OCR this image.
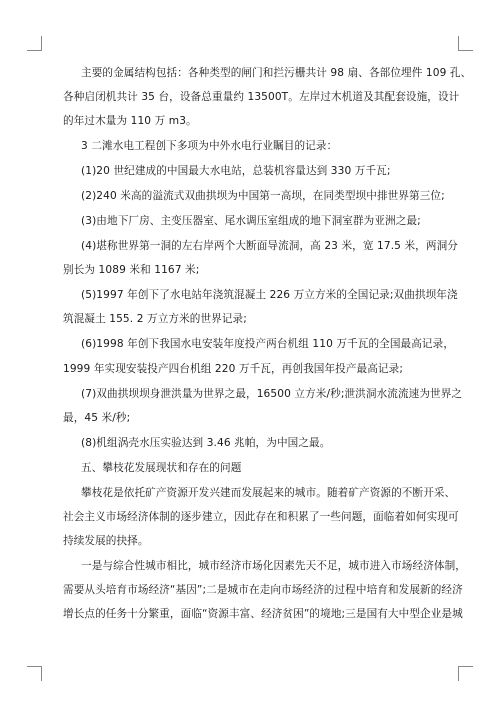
主要的金属结构包括：各种类型的闸门和拦污栅共计 98 扇、各部位埋件 109 孔、
各种启闭机共计 35 台，设备总重量约 13500T。左岸过木机道及其配套设施，设计
的年过木量为 110 万 m3。
3 二滩水电工程创下多项为中外水电行业瞩目的记录：
(1)20 世纪建成的中国最大水电站，总装机容量达到 330 万千瓦;
(2)240 米高的溢流式双曲拱坝为中国第一高坝，在同类型坝中排世界第三位;
(3)由地下厂房、主变压器室、尾水调压室组成的地下洞室群为亚洲之最;
(4)堪称世界第一洞的左右岸两个大断面导流洞，高 23 米，宽 17.5 米，两洞分
别长为 1089 米和 1167 米;
(5)1997 年创下了水电站年浇筑混凝土 226 万立方米的全国记录;双曲拱坝年浇
筑混凝土 155. 2 万立方米的世界记录;
(6)1998 年创下我国水电安装年度投产两台机组 110 万千瓦的全国最高记录，
1999 年实现安装投产四台机组 220 万千瓦，再创我国年投产最高记录;
(7)双曲拱坝坝身泄洪量为世界之最，16500 立方米/秒;泄洪洞水流流速为世界之
最，45 米/秒;
(8)机组涡壳水压实验达到 3.46 兆帕，为中国之最。
五、攀枝花发展现状和存在的问题
攀枝花是依托矿产资源开发兴建而发展起来的城市。随着矿产资源的不断开采、
社会主义市场经济体制的逐步建立，因此存在和积累了一些问题，面临着如何实现可
持续发展的抉择。
一是与综合性城市相比，城市经济市场化因素先天不足，城市进入市场经济体制，
需要从头培育市场经济“基因”;二是城市在走向市场经济的过程中培育和发展新的经济
增长点的任务十分繁重，面临“资源丰富、经济贫困”的境地;三是国有大中型企业是城
